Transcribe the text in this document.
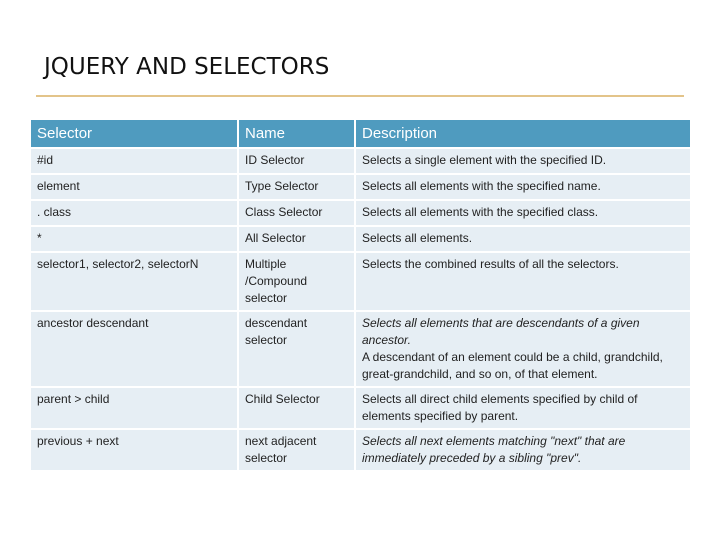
JQUERY AND SELECTORS
Selector	Name	Description
#id	ID Selector	Selects a single element with the specified ID.
element	Type Selector	Selects all elements with the specified name.
. class	Class Selector	Selects all elements with the specified class.
*	All Selector	Selects all elements.
selector1, selector2, selectorN	Multiple /Compound selector	Selects the combined results of all the selectors.
ancestor descendant	descendant selector	Selects all elements that are descendants of a given ancestor.
A descendant of an element could be a child, grandchild, great-grandchild, and so on, of that element.

parent > child	Child Selector	Selects all direct child elements specified by child of elements specified by parent.
previous + next	next adjacent selector	Selects all next elements matching "next" that are immediately preceded by a sibling "prev".
